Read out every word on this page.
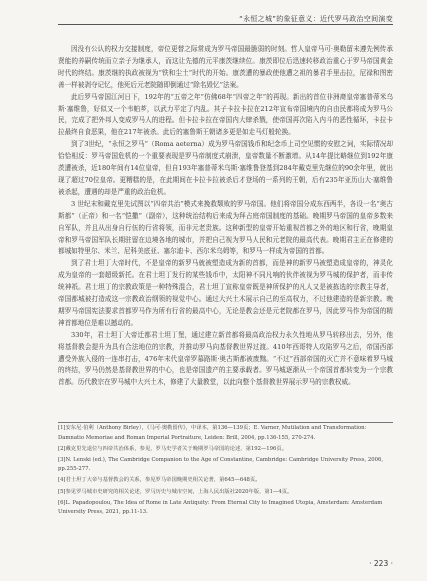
“永恒之城”的象征意义：近代罗马政治空间演变

因没有公认的权力交接制度，帝位更替之际常成为罗马帝国最脆弱的时刻。哲人皇帝马可·奥勒留未遵先例传承贤能的养嗣传统而立亲子为继承人，而这让先德的元平康茨继续位。康茨即位后迅速转移政治重心于罗马帝国黄金时代的终结。康茨继的执政被视为“铁和尘土”时代的开始。康茨遭的暴政使他遭之祖的暴君手里击拉，尼禄和图密善一样被剥夺记忆，他死后元老院随即倒通过“除名毁忆”法案。

此后罗马帝国江河日下，192年的“五帝之年”仿佛68年“四帝之年”的再现。新出的首位非洲裔皇帝塞普蒂米乌斯·塞维鲁，好似又一个韦帕芗，以武力平定了内乱。其子卡拉卡拉在212年宣布帝国境内的自由民都将成为罗马公民，完成了把外邦人变成罗马人的进程。但卡拉卡拉在帝国内大肆杀戮，使帝国再次陷入内斗的恶性循环，卡拉卡拉最终自食恶果，他在217年被杀。此后的塞鲁斯王朝诸多更是如走马灯般轮换。

到了3世纪，“永恒之罗马”（Roma aeterna）成为罗马帝国钱币和纪念币上司空见惯的安慰之词，实际情况却恰恰相反：罗马帝国危机的一个重要表现是罗马帝制度式崩溃，皇帝数量不断激增。从14年提比略继位到192年康茨遭被杀，近180年间有14位皇帝，但自193年塞普蒂米乌斯·塞维鲁登基到284年戴克里先继位的90余年里，就出现了超过70位皇帝。更糟糕的是，在此期间在卡拉卡拉被杀后才登场的一系列的王朝，后有235年亚历山大·塞维鲁被杀起，遭遇的却是严重的政治危机。

3 世纪末和戴克里先试图以“四帝共治”模式来挽救颓败的罗马帝国。他们将帝国分成东西两半，各设一名“奥古斯都”（正帝）和一名“恺撒”（副帝），这种统治结构后来成为拜占庭帝国制度的基础。晚期罗马帝国的皇帝多数来自军队，并且从出身自行伍的行省将领，而非元老贵族。这种新型的皇帝开始重视首都之外的地区和行省，晚期皇帝和罗马帝国军队长期驻留在边境各地的城市，并把自己视为罗马人民和元老院的最高代表。晚期君主正在修建的都城如特里尔、米兰、尼科美底亚、塞尔迪卡、西尔米乌姆等，和罗马一样成为帝国的首都。

到了君士坦丁大帝时代，不是皇帝的新罗马就被塑造成为新的首都，而是神的新罗马被塑造成皇帝的，神灵化成为皇帝的一套超级新托。在君士坦丁发行的某些钱币中，太阳神不同凡响的伙伴被视为罗马城的保护者，而非传统神祇。君士坦丁的宗教政策是一种特殊混合，君士坦丁宣称皇帝既是神所保护的凡人又是被拣选的宗教主导者，帝国都城被打造成这一宗教政治纲领的视觉中心。通过大兴土木展示自己的至高权力，不过他建造的是新宗教。晚期罗马帝国宪法要求首都罗马作为所有行省的最高中心，无论是教会还是元老院都在罗马，因此罗马作为帝国的精神首都地位是难以撼动的。

330年，君士坦丁大帝迁都君士坦丁堡，通过建立新首都将最高政治权力永久性地从罗马转移出去，另外，他将基督教会提升为具有合法地位的宗教，并推动罗马向基督教世界过渡。410年西哥特人攻陷罗马之后，帝国西部遭受外族入侵的一连串打击，476年末代皇帝罗慕路斯·奥古斯都被废黜。“不过”西部帝国的灭亡并不意味着罗马城的终结，罗马仍然是基督教世界的中心，也是帝国遗产的主要承载者。罗马城逐渐从一个帝国首都转变为一个宗教首都。历代教宗在罗马城中大兴土木，修建了大量教堂，以此向整个基督教世界展示罗马的宗教权威。

[1]安东尼·伯利（Anthony Birley），《马可·奥勒留传》，中译本，第136—139页；E. Varner, Mutilation and Transformation: Damnatio Memoriae and Roman Imperial Portraiture, Leiden: Brill, 2004, pp.136-155, 270-274.
[2]戴克里先退位与四帝共治体系，参见，罗马史学者关于晚期罗马帝国的论述，第192—196页。
[3]N. Lenski (ed.), The Cambridge Companion to the Age of Constantine, Cambridge: Cambridge University Press, 2006, pp.255-277.
[4]君士坦丁大帝与基督教会的关系，参见罗马帝国晚期史相关论著，第645—648页。
[5]参见罗马城市史研究的相关论述，罗马历史与城市空间，上海人民出版社2020年版，第1—4页。
[6]L. Papadopoulou, The Idea of Rome in Late Antiquity: From Eternal City to Imagined Utopia, Amsterdam: Amsterdam University Press, 2021, pp.11-13.
· 223 ·
